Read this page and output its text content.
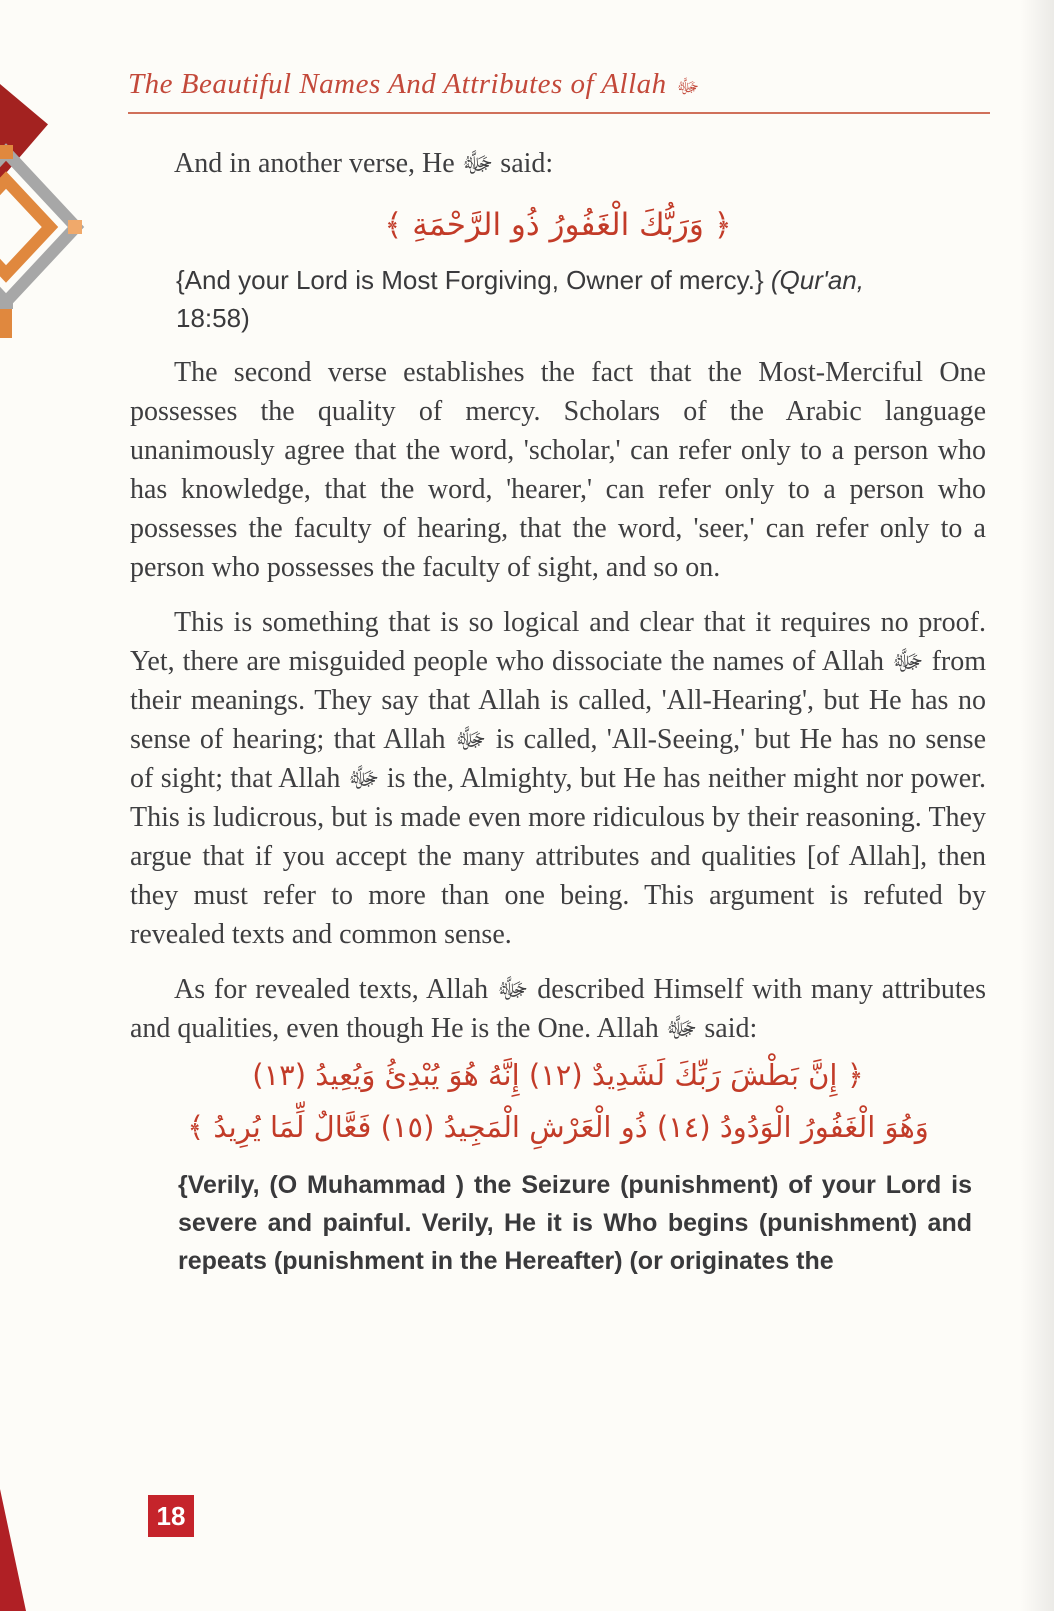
The Beautiful Names And Attributes of Allah ﷻ

And in another verse, He ﷻ said:

﴿ وَرَبُّكَ الْغَفُورُ ذُو الرَّحْمَةِ ﴾

{And your Lord is Most Forgiving, Owner of mercy.} (Qur'an,
18:58)

The second verse establishes the fact that the Most-Merciful One possesses the quality of mercy. Scholars of the Arabic language unanimously agree that the word, 'scholar,' can refer only to a person who has knowledge, that the word, 'hearer,' can refer only to a person who possesses the faculty of hearing, that the word, 'seer,' can refer only to a person who possesses the faculty of sight, and so on.

This is something that is so logical and clear that it requires no proof. Yet, there are misguided people who dissociate the names of Allah ﷻ from their meanings. They say that Allah is called, 'All-Hearing', but He has no sense of hearing; that Allah ﷻ is called, 'All-Seeing,' but He has no sense of sight; that Allah ﷻ is the, Almighty, but He has neither might nor power. This is ludicrous, but is made even more ridiculous by their reasoning. They argue that if you accept the many attributes and qualities [of Allah], then they must refer to more than one being. This argument is refuted by revealed texts and common sense.

As for revealed texts, Allah ﷻ described Himself with many attributes and qualities, even though He is the One. Allah ﷻ said:

﴿ إِنَّ بَطْشَ رَبِّكَ لَشَدِيدٌ (١٢) إِنَّهُ هُوَ يُبْدِئُ وَيُعِيدُ (١٣)
وَهُوَ الْغَفُورُ الْوَدُودُ (١٤) ذُو الْعَرْشِ الْمَجِيدُ (١٥) فَعَّالٌ لِّمَا يُرِيدُ ﴾

{Verily, (O Muhammad ) the Seizure (punishment) of your Lord is severe and painful. Verily, He it is Who begins (punishment) and repeats (punishment in the Hereafter) (or originates the

18
